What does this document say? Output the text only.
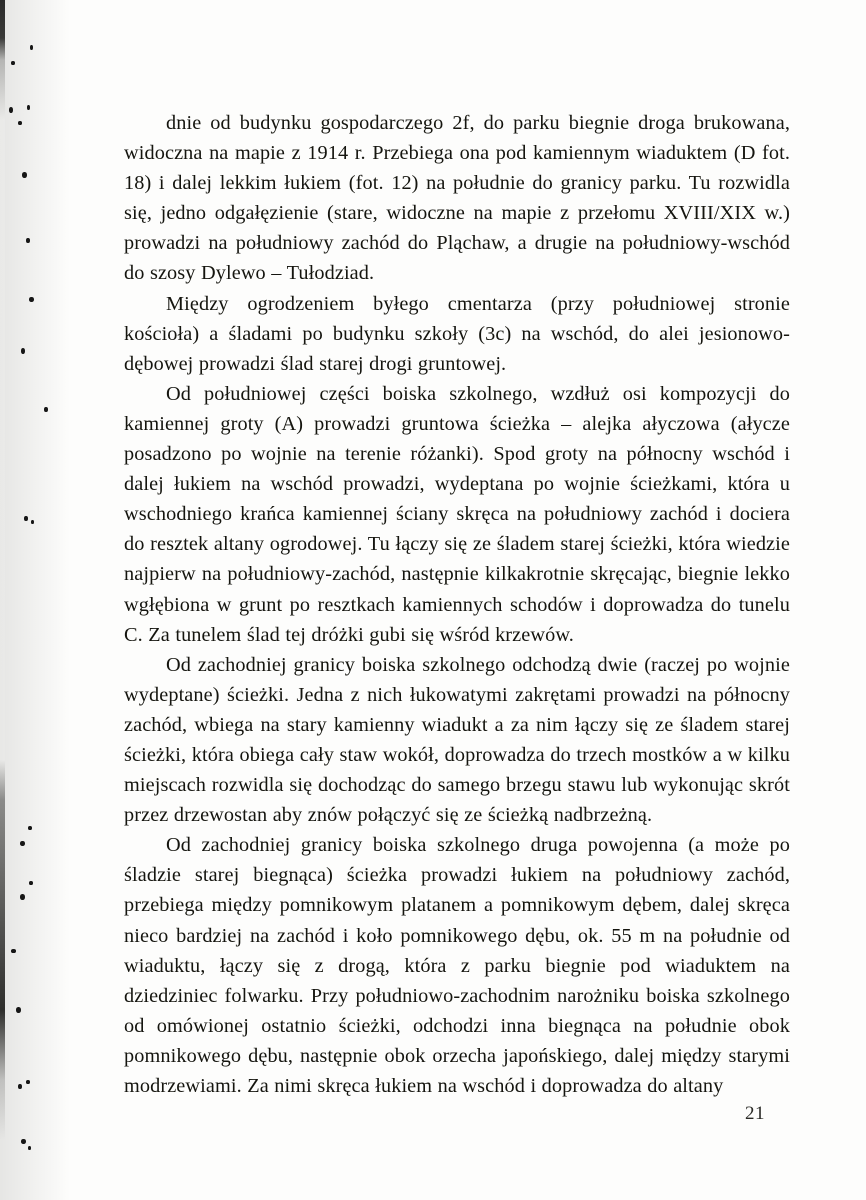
dnie od budynku gospodarczego 2f, do parku biegnie droga brukowana, widoczna na mapie z 1914 r. Przebiega ona pod kamiennym wiaduktem (D fot. 18) i dalej lekkim łukiem (fot. 12) na południe do granicy parku. Tu rozwidla się, jedno odgałęzienie (stare, widoczne na mapie z przełomu XVIII/XIX w.) prowadzi na południowy zachód do Pląchaw, a drugie na południowy-wschód do szosy Dylewo – Tułodziad.

Między ogrodzeniem byłego cmentarza (przy południowej stronie kościoła) a śladami po budynku szkoły (3c) na wschód, do alei jesionowo-dębowej prowadzi ślad starej drogi gruntowej.

Od południowej części boiska szkolnego, wzdłuż osi kompozycji do kamiennej groty (A) prowadzi gruntowa ścieżka – alejka ałyczowa (ałycze posadzono po wojnie na terenie różanki). Spod groty na północny wschód i dalej łukiem na wschód prowadzi, wydeptana po wojnie ścieżkami, która u wschodniego krańca kamiennej ściany skręca na południowy zachód i dociera do resztek altany ogrodowej. Tu łączy się ze śladem starej ścieżki, która wiedzie najpierw na południowy-zachód, następnie kilkakrotnie skręcając, biegnie lekko wgłębiona w grunt po resztkach kamiennych schodów i doprowadza do tunelu C. Za tunelem ślad tej dróżki gubi się wśród krzewów.

Od zachodniej granicy boiska szkolnego odchodzą dwie (raczej po wojnie wydeptane) ścieżki. Jedna z nich łukowatymi zakrętami prowadzi na północny zachód, wbiega na stary kamienny wiadukt a za nim łączy się ze śladem starej ścieżki, która obiega cały staw wokół, doprowadza do trzech mostków a w kilku miejscach rozwidla się dochodząc do samego brzegu stawu lub wykonując skrót przez drzewostan aby znów połączyć się ze ścieżką nadbrzeżną.

Od zachodniej granicy boiska szkolnego druga powojenna (a może po śladzie starej biegnąca) ścieżka prowadzi łukiem na południowy zachód, przebiega między pomnikowym platanem a pomnikowym dębem, dalej skręca nieco bardziej na zachód i koło pomnikowego dębu, ok. 55 m na południe od wiaduktu, łączy się z drogą, która z parku biegnie pod wiaduktem na dziedziniec folwarku. Przy południowo-zachodnim narożniku boiska szkolnego od omówionej ostatnio ścieżki, odchodzi inna biegnąca na południe obok pomnikowego dębu, następnie obok orzecha japońskiego, dalej między starymi modrzewiami. Za nimi skręca łukiem na wschód i doprowadza do altany

21
